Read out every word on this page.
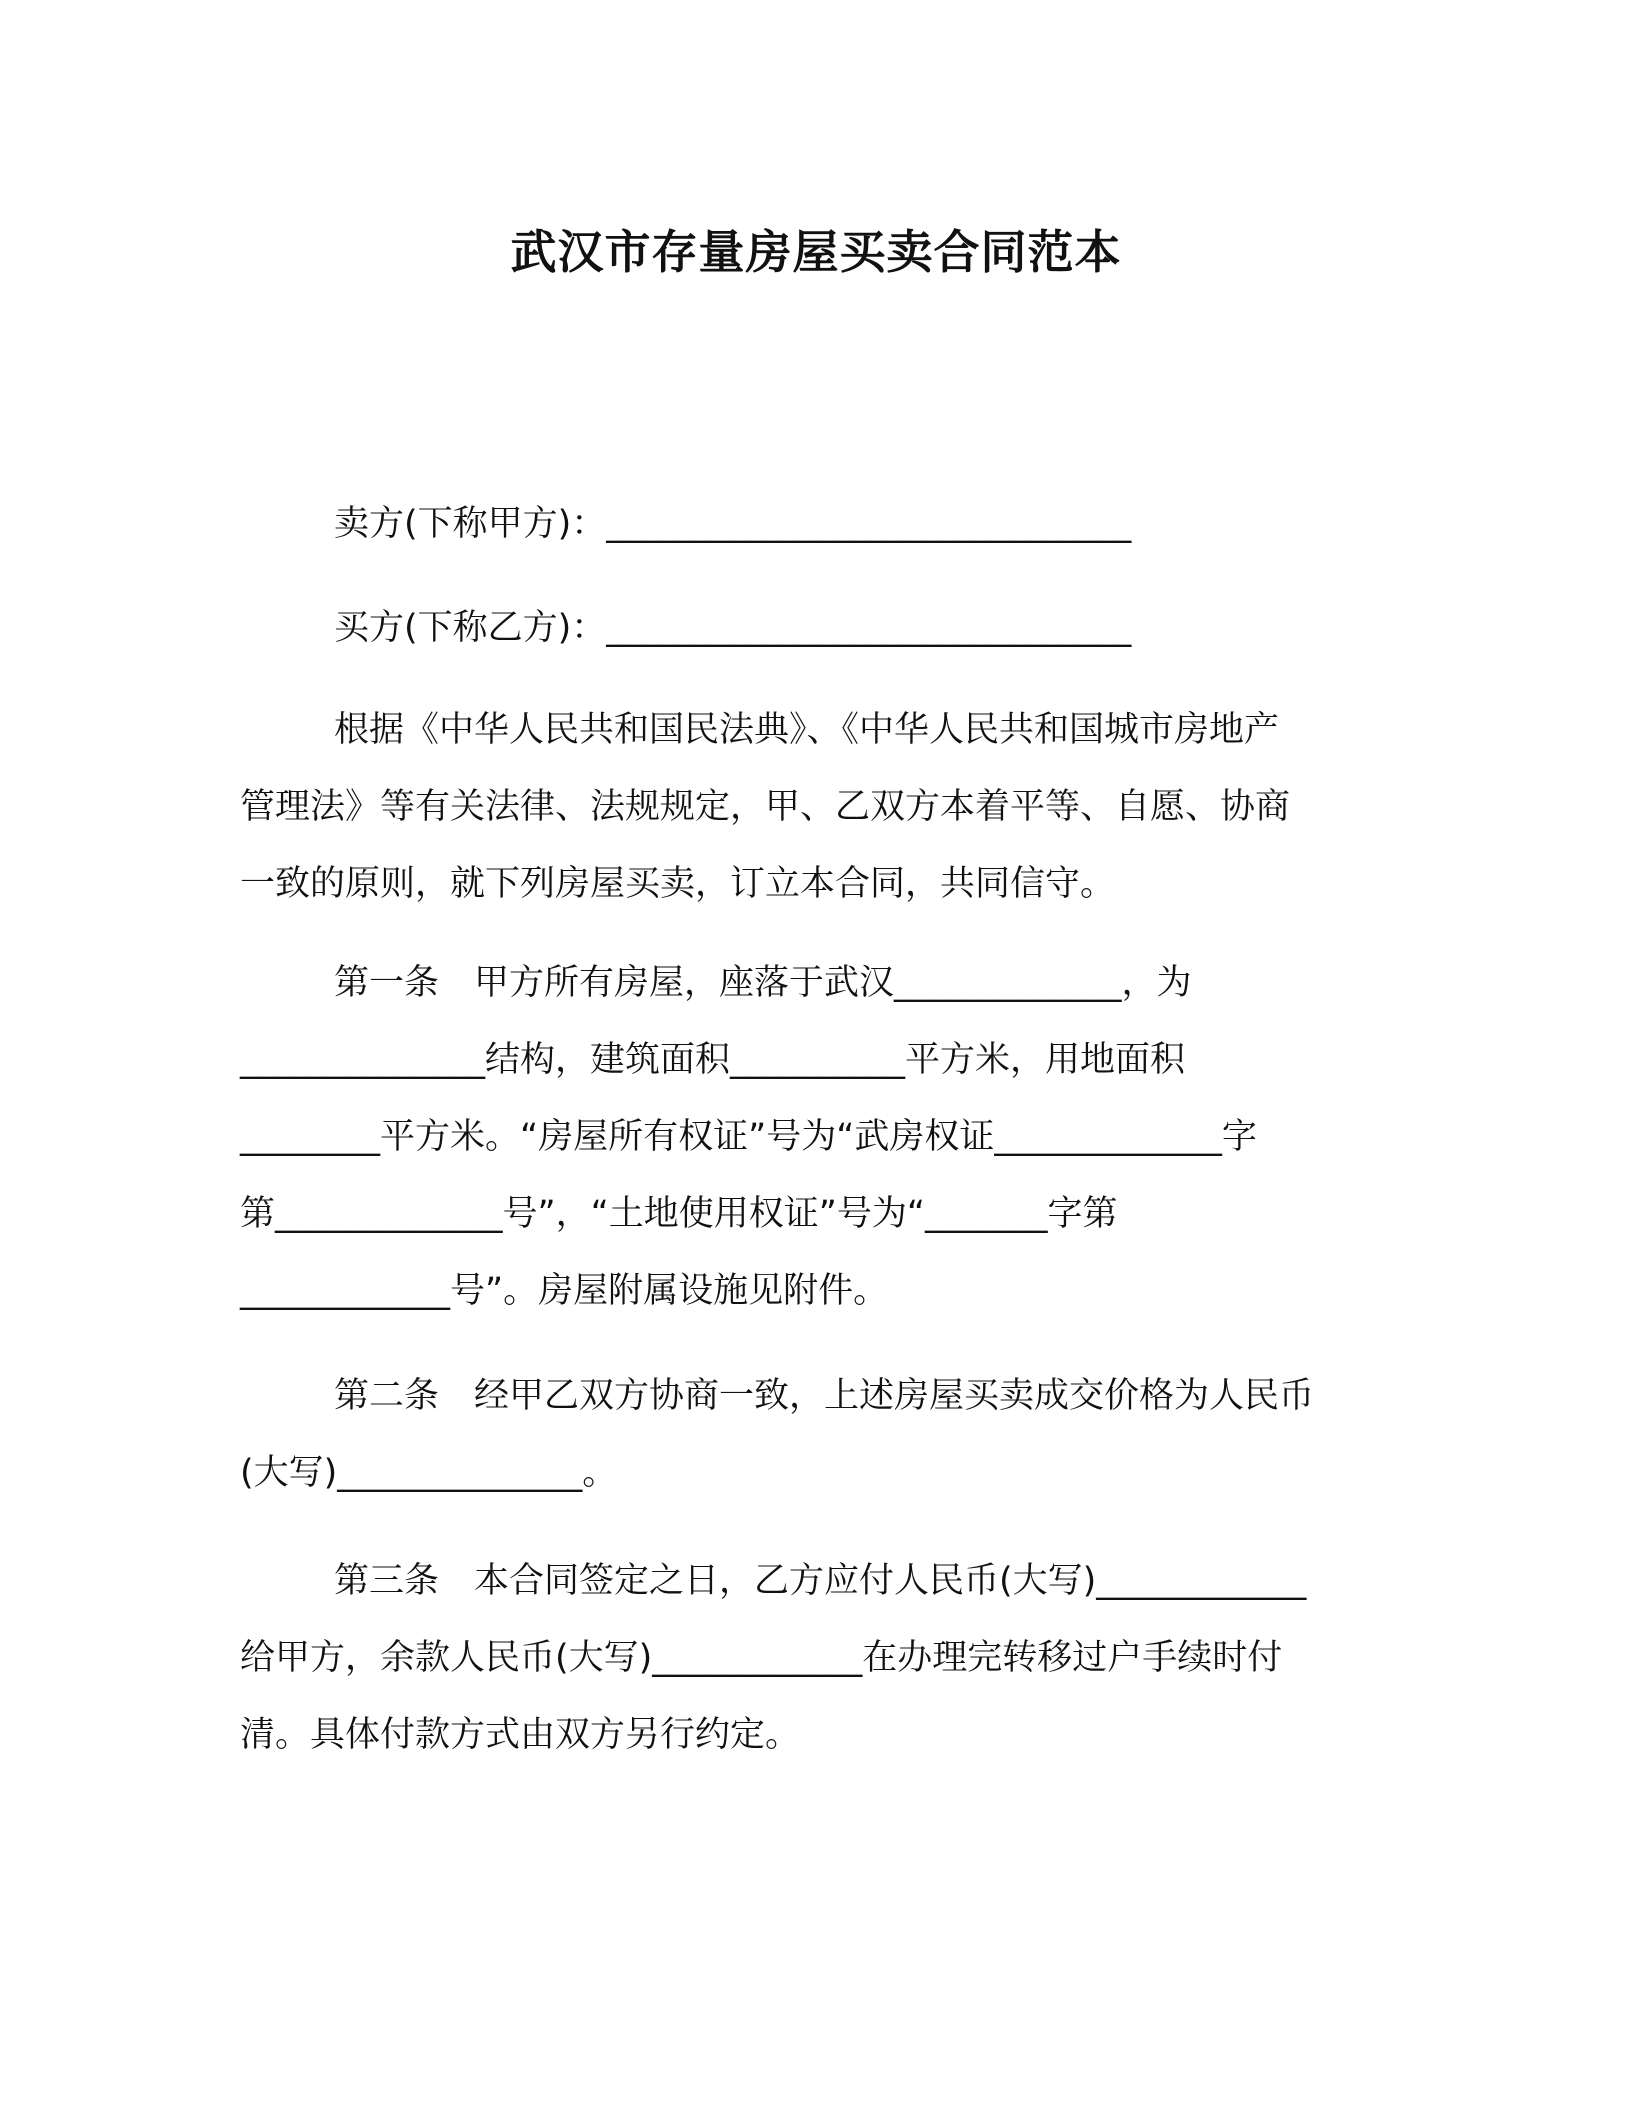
武汉市存量房屋买卖合同范本
卖方(下称甲方)：______________________________
买方(下称乙方)：______________________________
根据《中华人民共和国民法典》、《中华人民共和国城市房地产
管理法》等有关法律、法规规定，甲、乙双方本着平等、自愿、协商
一致的原则，就下列房屋买卖，订立本合同，共同信守。
第一条　甲方所有房屋，座落于武汉_____________，为
______________结构，建筑面积__________平方米，用地面积
________平方米。“房屋所有权证”号为“武房权证_____________字
第_____________号”，“土地使用权证”号为“_______字第
____________号”。房屋附属设施见附件。
第二条　经甲乙双方协商一致，上述房屋买卖成交价格为人民币
(大写)______________。
第三条　本合同签定之日，乙方应付人民币(大写)____________
给甲方，余款人民币(大写)____________在办理完转移过户手续时付
清。具体付款方式由双方另行约定。
